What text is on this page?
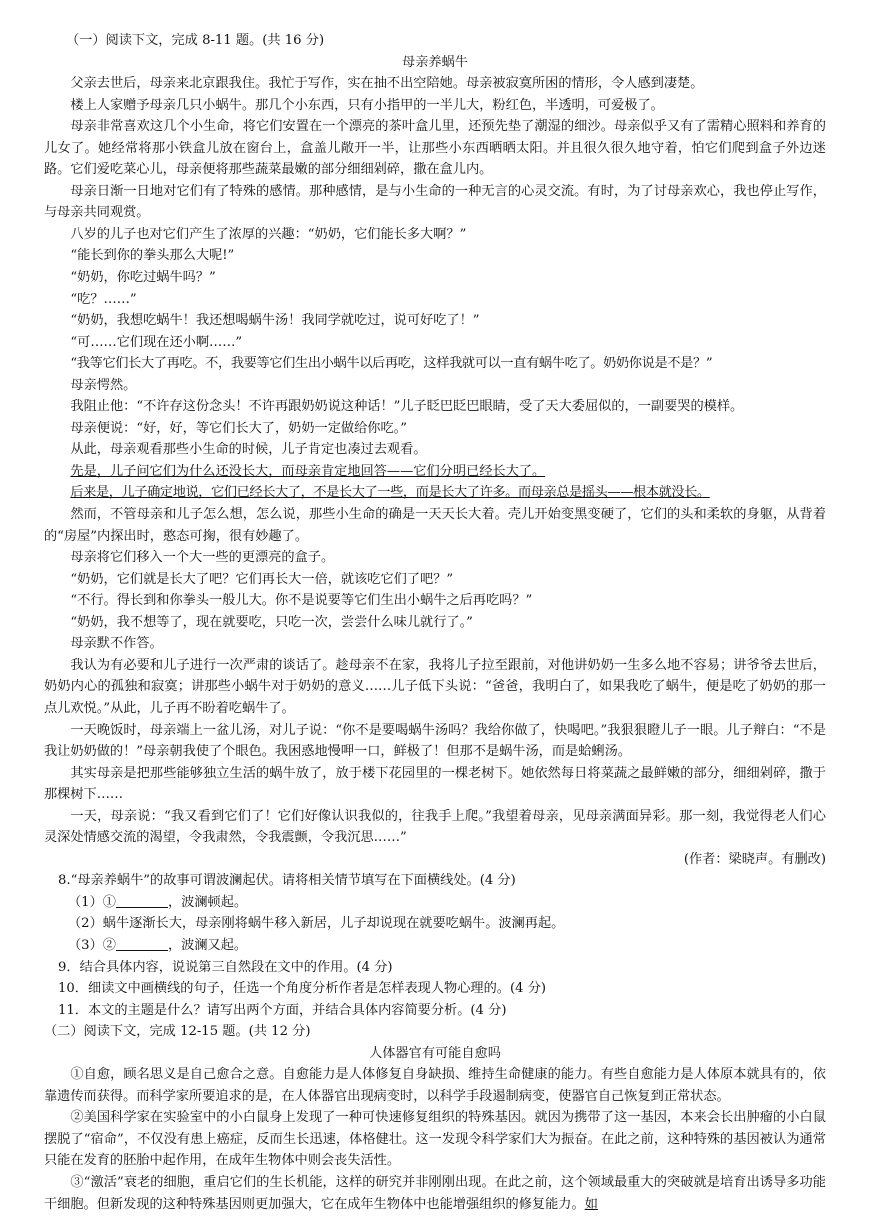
（一）阅读下文，完成 8-11 题。(共 16 分)

母亲养蜗牛

父亲去世后，母亲来北京跟我住。我忙于写作，实在抽不出空陪她。母亲被寂寞所困的情形，令人感到凄楚。

楼上人家赠予母亲几只小蜗牛。那几个小东西，只有小指甲的一半儿大，粉红色，半透明，可爱极了。

母亲非常喜欢这几个小生命，将它们安置在一个漂亮的茶叶盒儿里，还预先垫了潮湿的细沙。母亲似乎又有了需精心照料和养育的儿女了。她经常将那小铁盒儿放在窗台上，盒盖儿敞开一半，让那些小东西晒晒太阳。并且很久很久地守着，怕它们爬到盒子外边迷路。它们爱吃菜心儿，母亲便将那些蔬菜最嫩的部分细细剁碎，撒在盒儿内。

母亲日渐一日地对它们有了特殊的感情。那种感情，是与小生命的一种无言的心灵交流。有时，为了讨母亲欢心，我也停止写作，与母亲共同观赏。

八岁的儿子也对它们产生了浓厚的兴趣：“奶奶，它们能长多大啊？”

“能长到你的拳头那么大呢!”

“奶奶，你吃过蜗牛吗？”

“吃？……”

“奶奶，我想吃蜗牛！我还想喝蜗牛汤！我同学就吃过，说可好吃了！”

“可……它们现在还小啊……”

“我等它们长大了再吃。不，我要等它们生出小蜗牛以后再吃，这样我就可以一直有蜗牛吃了。奶奶你说是不是？”

母亲愕然。

我阻止他：“不许存这份念头！不许再跟奶奶说这种话！”儿子眨巴眨巴眼睛，受了天大委屈似的，一副要哭的模样。

母亲便说：“好，好，等它们长大了，奶奶一定做给你吃。”

从此，母亲观看那些小生命的时候，儿子肯定也凑过去观看。

先是，儿子问它们为什么还没长大，而母亲肯定地回答——它们分明已经长大了。

后来是，儿子确定地说，它们已经长大了，不是长大了一些，而是长大了许多。而母亲总是摇头——根本就没长。

然而，不管母亲和儿子怎么想，怎么说，那些小生命的确是一天天长大着。壳儿开始变黑变硬了，它们的头和柔软的身躯，从背着的“房屋”内探出时，憨态可掬，很有妙趣了。

母亲将它们移入一个大一些的更漂亮的盒子。

“奶奶，它们就是长大了吧？它们再长大一倍，就该吃它们了吧？”

“不行。得长到和你拳头一般儿大。你不是说要等它们生出小蜗牛之后再吃吗？”

“奶奶，我不想等了，现在就要吃，只吃一次，尝尝什么味儿就行了。”

母亲默不作答。

我认为有必要和儿子进行一次严肃的谈话了。趁母亲不在家，我将儿子拉至跟前，对他讲奶奶一生多么地不容易；讲爷爷去世后，奶奶内心的孤独和寂寞；讲那些小蜗牛对于奶奶的意义……儿子低下头说：“爸爸，我明白了，如果我吃了蜗牛，便是吃了奶奶的那一点儿欢悦。”从此，儿子再不盼着吃蜗牛了。

一天晚饭时，母亲端上一盆儿汤，对儿子说：“你不是要喝蜗牛汤吗？我给你做了，快喝吧。”我狠狠瞪儿子一眼。儿子辩白：“不是我让奶奶做的！”母亲朝我使了个眼色。我困惑地慢呷一口，鲜极了！但那不是蜗牛汤，而是蛤蜊汤。

其实母亲是把那些能够独立生活的蜗牛放了，放于楼下花园里的一棵老树下。她依然每日将菜蔬之最鲜嫩的部分，细细剁碎，撒于那棵树下……

一天，母亲说：“我又看到它们了！它们好像认识我似的，往我手上爬。”我望着母亲，见母亲满面异彩。那一刻，我觉得老人们心灵深处情感交流的渴望，令我肃然，令我震颤，令我沉思……”

(作者：梁晓声。有删改)

8.“母亲养蜗牛”的故事可谓波澜起伏。请将相关情节填写在下面横线处。(4 分)

（1）①	，波澜顿起。

（2）蜗牛逐渐长大，母亲刚将蜗牛移入新居，儿子却说现在就要吃蜗牛。波澜再起。

（3）②	，波澜又起。

9．结合具体内容，说说第三自然段在文中的作用。(4 分)

10．细读文中画横线的句子，任选一个角度分析作者是怎样表现人物心理的。(4 分)

11．本文的主题是什么？请写出两个方面，并结合具体内容简要分析。(4 分)

（二）阅读下文，完成 12-15 题。(共 12 分)

人体器官有可能自愈吗

①自愈，顾名思义是自己愈合之意。自愈能力是人体修复自身缺损、维持生命健康的能力。有些自愈能力是人体原本就具有的，依靠遗传而获得。而科学家所要追求的是，在人体器官出现病变时，以科学手段遏制病变，使器官自己恢复到正常状态。

②美国科学家在实验室中的小白鼠身上发现了一种可快速修复组织的特殊基因。就因为携带了这一基因，本来会长出肿瘤的小白鼠摆脱了“宿命”，不仅没有患上癌症，反而生长迅速，体格健壮。这一发现令科学家们大为振奋。在此之前，这种特殊的基因被认为通常只能在发育的胚胎中起作用，在成年生物体中则会丧失活性。

③“激活”衰老的细胞，重启它们的生长机能，这样的研究并非刚刚出现。在此之前，这个领域最重大的突破就是培育出诱导多功能干细胞。但新发现的这种特殊基因则更加强大，它在成年生物体中也能增强组织的修复能力。如
